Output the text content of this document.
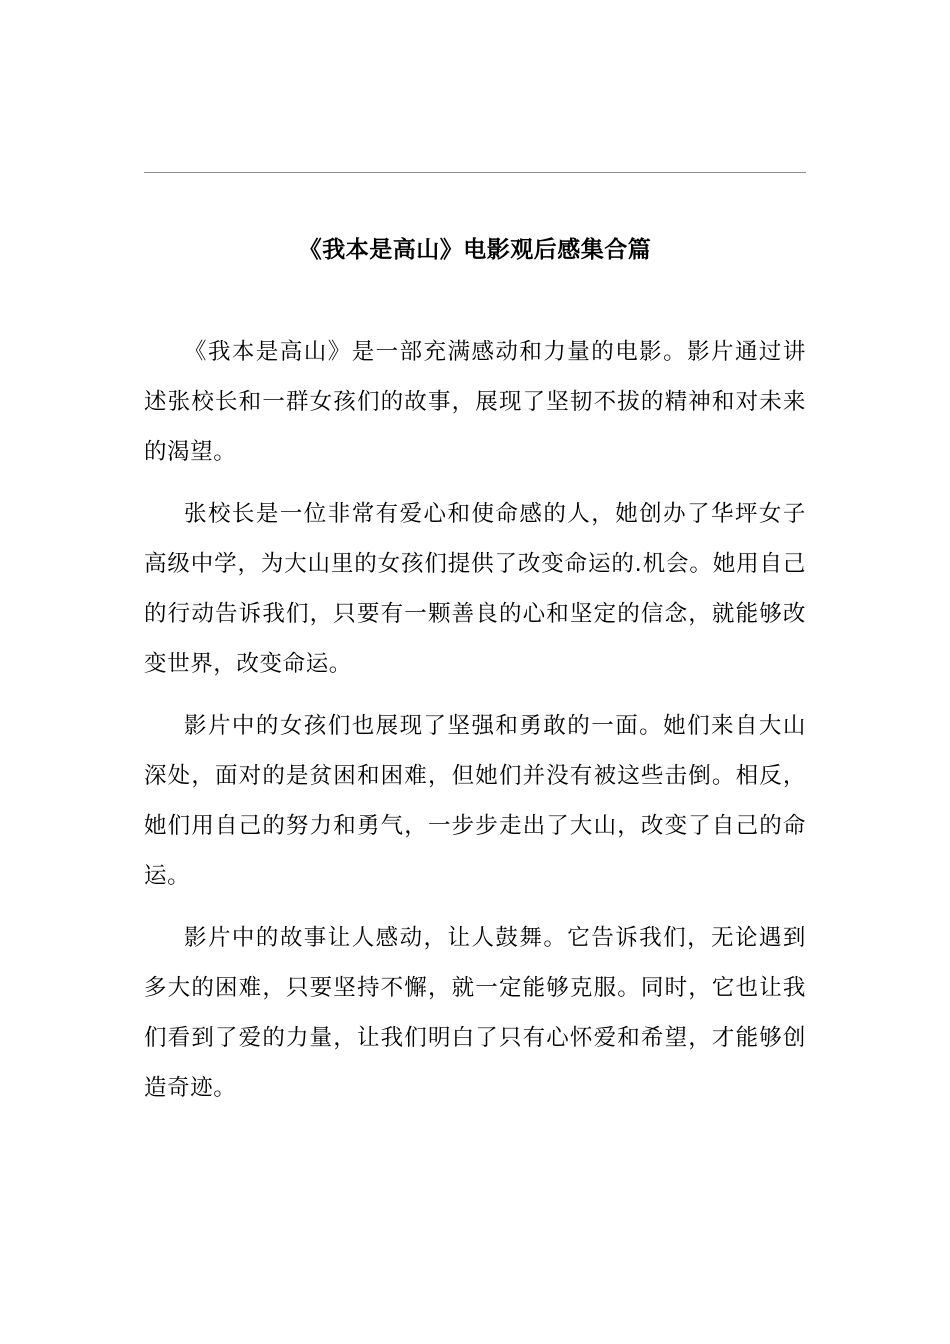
《我本是高山》电影观后感集合篇

《我本是高山》是一部充满感动和力量的电影。影片通过讲述张校长和一群女孩们的故事，展现了坚韧不拔的精神和对未来的渴望。

张校长是一位非常有爱心和使命感的人，她创办了华坪女子高级中学，为大山里的女孩们提供了改变命运的.机会。她用自己的行动告诉我们，只要有一颗善良的心和坚定的信念，就能够改变世界，改变命运。

影片中的女孩们也展现了坚强和勇敢的一面。她们来自大山深处，面对的是贫困和困难，但她们并没有被这些击倒。相反，她们用自己的努力和勇气，一步步走出了大山，改变了自己的命运。

影片中的故事让人感动，让人鼓舞。它告诉我们，无论遇到多大的困难，只要坚持不懈，就一定能够克服。同时，它也让我们看到了爱的力量，让我们明白了只有心怀爱和希望，才能够创造奇迹。
